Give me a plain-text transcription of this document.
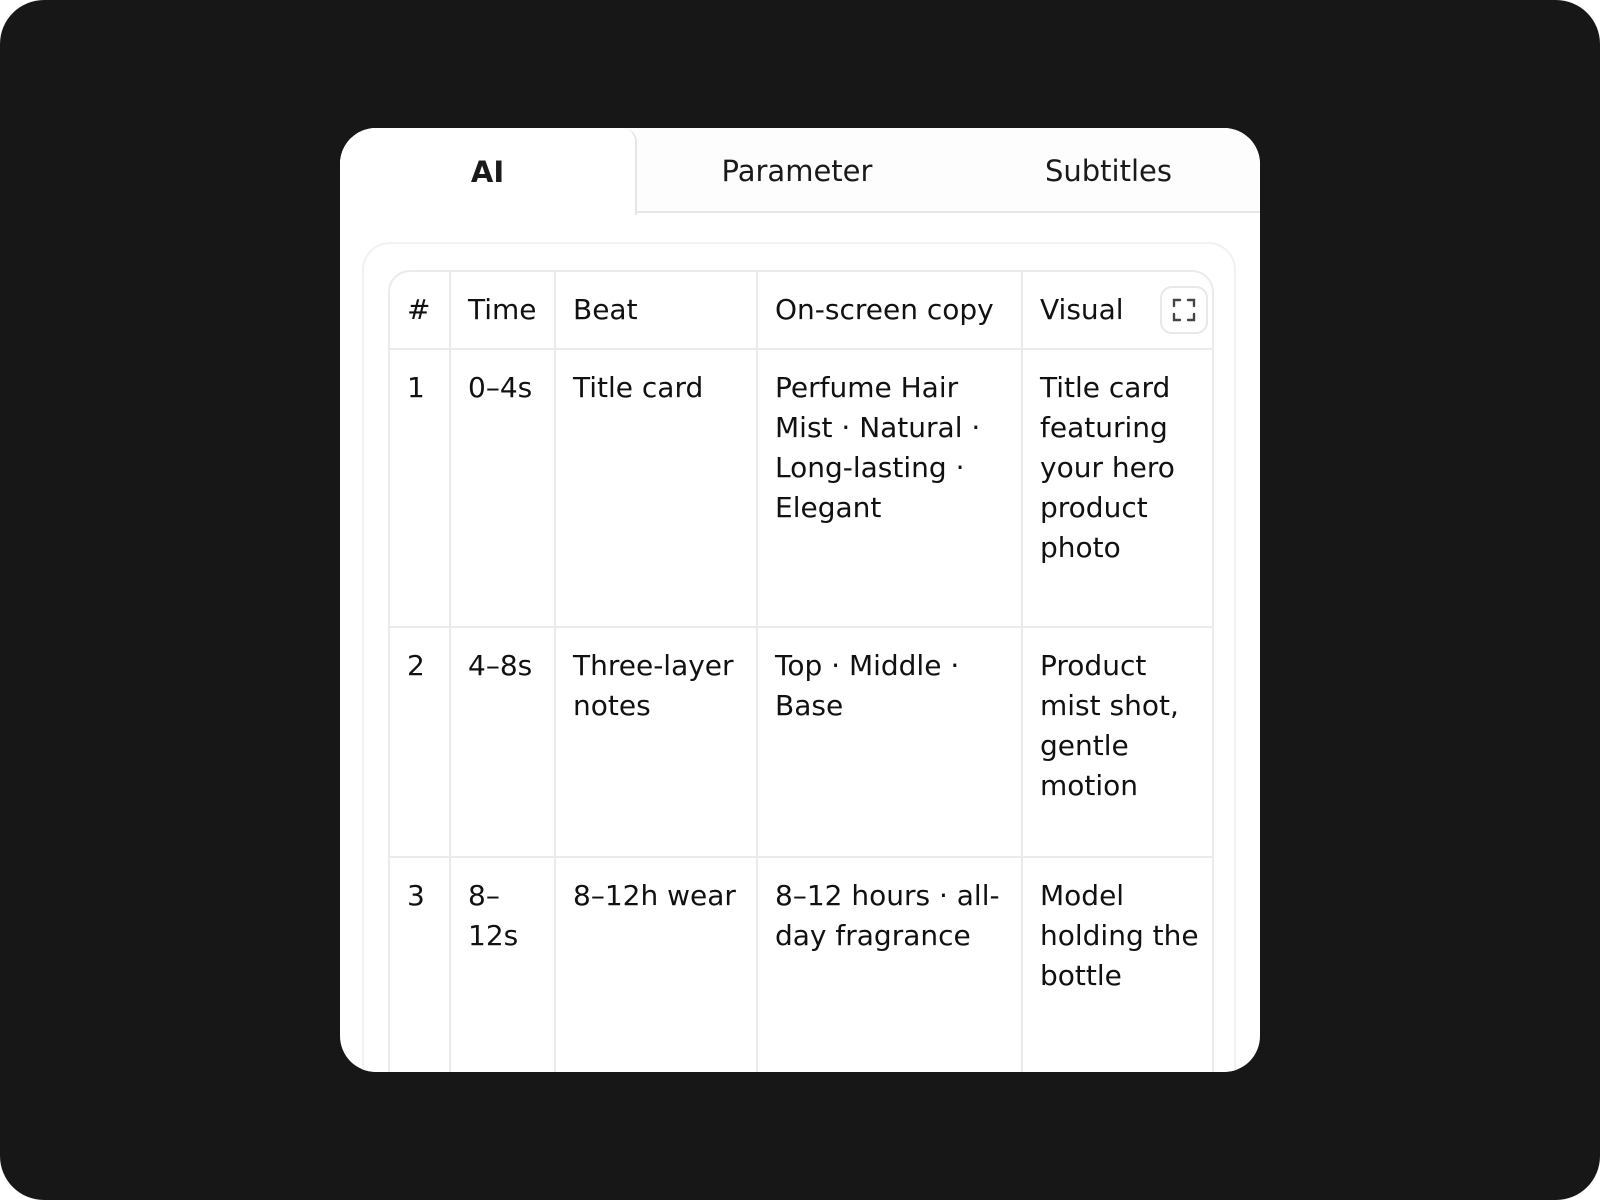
AI	Parameter	Subtitles
#	Time	Beat	On-screen copy	Visual

1	0–4s	Title card	Perfume Hair Mist · Natural · Long-lasting · Elegant	Title card featuring your hero product photo
2	4–8s	Three-layer notes	Top · Middle · Base	Product mist shot, gentle motion
3	8–12s	8–12h wear	8–12 hours · all-day fragrance	Model holding the bottle
